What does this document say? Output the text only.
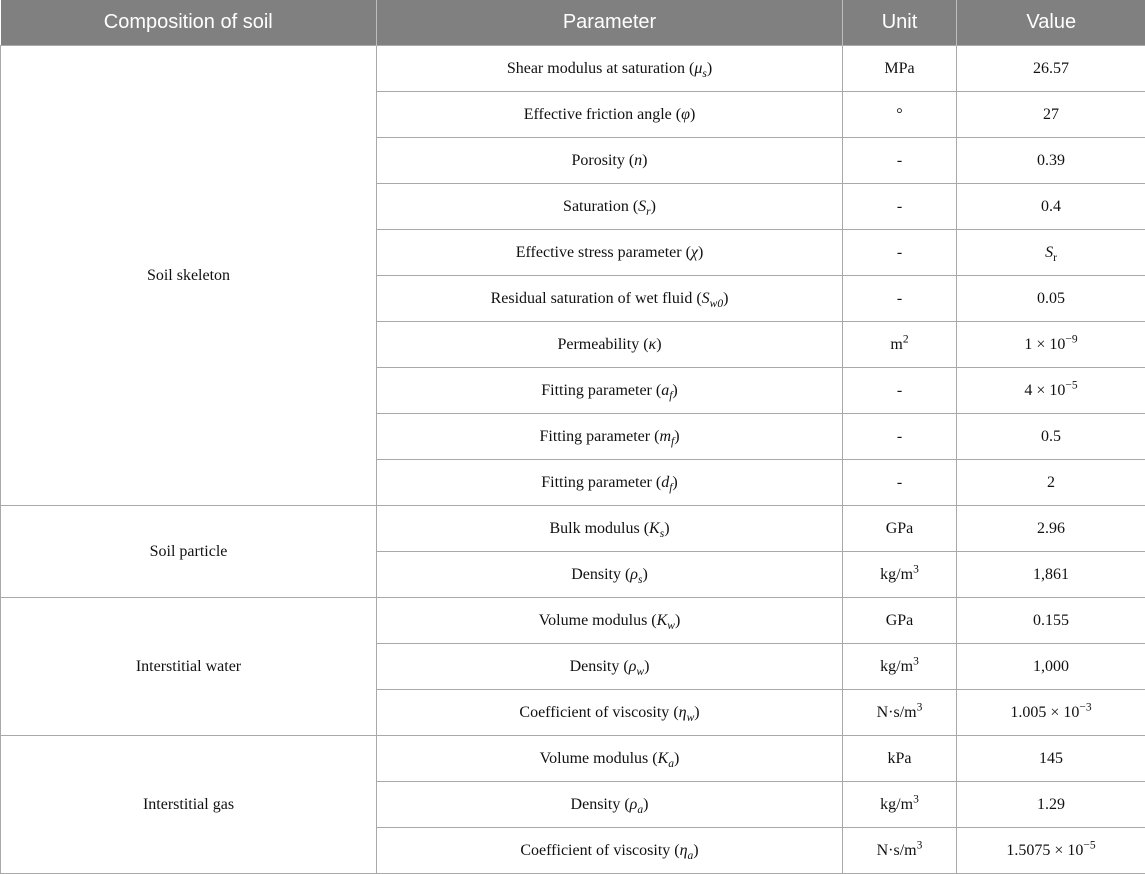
Composition of soil	Parameter	Unit	Value
Soil skeleton	Shear modulus at saturation $(\mu_s)$	MPa	26.57
	Effective friction angle (φ)	°	27
	Porosity (n)	-	0.39
	Saturation $(S_r)$	-	0.4
	Effective stress parameter (χ)	-	$S_r$
	Residual saturation of wet fluid $(S_{w0})$	-	0.05
	Permeability (κ)	$m^2$	$1 \times 10^{-9}$
	Fitting parameter $(a_f)$	-	$4 \times 10^{-5}$
	Fitting parameter $(m_f)$	-	0.5
	Fitting parameter $(d_f)$	-	2
Soil particle	Bulk modulus $(K_s)$	GPa	2.96
	Density $(\rho_s)$	$kg/m^3$	1,861
Interstitial water	Volume modulus $(K_w)$	GPa	0.155
	Density $(\rho_w)$	$kg/m^3$	1,000
	Coefficient of viscosity $(\eta_w)$	$N\cdot s/m^3$	$1.005 \times 10^{-3}$
Interstitial gas	Volume modulus $(K_a)$	kPa	145
	Density $(\rho_a)$	$kg/m^3$	1.29
	Coefficient of viscosity $(\eta_a)$	$N\cdot s/m^3$	$1.5075 \times 10^{-5}$
